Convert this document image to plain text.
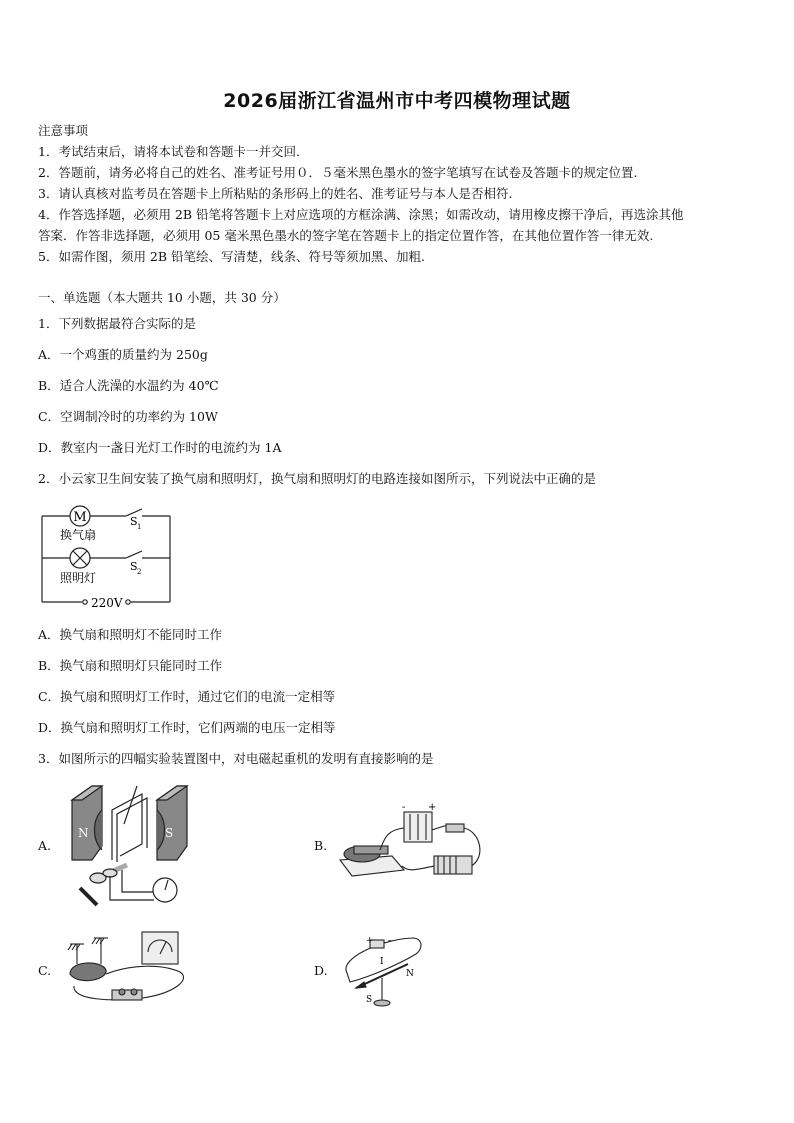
2026届浙江省温州市中考四模物理试题
注意事项
1．考试结束后，请将本试卷和答题卡一并交回.
2．答题前，请务必将自己的姓名、准考证号用０．５毫米黑色墨水的签字笔填写在试卷及答题卡的规定位置.
3．请认真核对监考员在答题卡上所粘贴的条形码上的姓名、准考证号与本人是否相符.
4．作答选择题，必须用 2B 铅笔将答题卡上对应选项的方框涂满、涂黑；如需改动，请用橡皮擦干净后，再选涂其他
答案．作答非选择题，必须用 05 毫米黑色墨水的签字笔在答题卡上的指定位置作答，在其他位置作答一律无效.
5．如需作图，须用 2B 铅笔绘、写清楚，线条、符号等须加黑、加粗.
一、单选题（本大题共 10 小题，共 30 分）
1．下列数据最符合实际的是
A．一个鸡蛋的质量约为 250g
B．适合人洗澡的水温约为 40℃
C．空调制冷时的功率约为 10W
D．教室内一盏日光灯工作时的电流约为 1A
2．小云家卫生间安装了换气扇和照明灯，换气扇和照明灯的电路连接如图所示，下列说法中正确的是
M
换气扇
S 1
照明灯
S 2
220V
A．换气扇和照明灯不能同时工作
B．换气扇和照明灯只能同时工作
C．换气扇和照明灯工作时，通过它们的电流一定相等
D．换气扇和照明灯工作时，它们两端的电压一定相等
3．如图所示的四幅实验装置图中，对电磁起重机的发明有直接影响的是
A.
N	S
B.
- +
C.	D.
+ -
I
N
S
